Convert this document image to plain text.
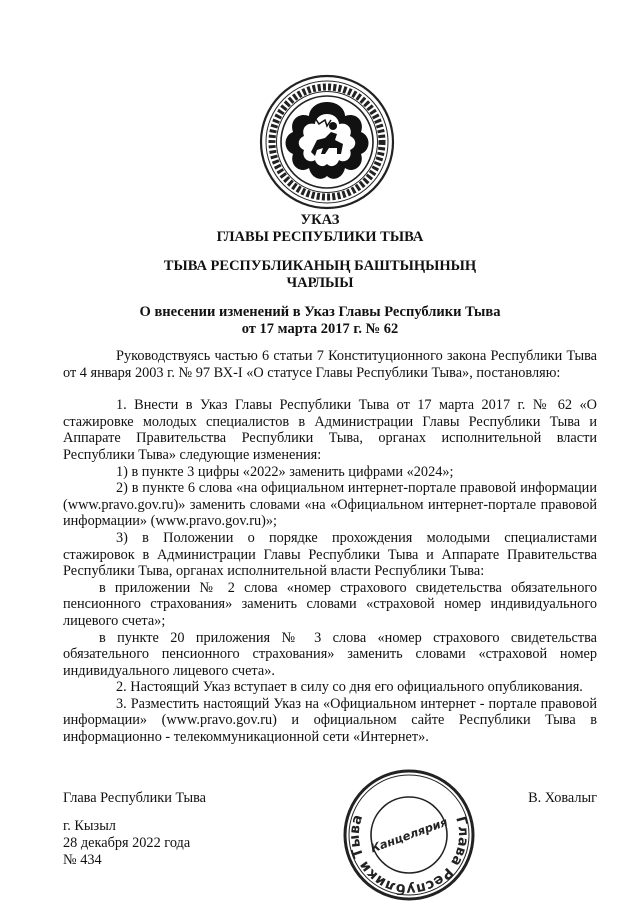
УКАЗ
ГЛАВЫ РЕСПУБЛИКИ ТЫВА
ТЫВА РЕСПУБЛИКАНЫҢ БАШТЫҢЫНЫҢ
ЧАРЛЫЫ
О внесении изменений в Указ Главы Республики Тыва
от 17 марта 2017 г. № 62

Руководствуясь частью 6 статьи 7 Конституционного закона Республики Тыва от 4 января 2003 г. № 97 ВХ-I «О статусе Главы Республики Тыва», постановляю:

1. Внести в Указ Главы Республики Тыва от 17 марта 2017 г. № 62 «О стажировке молодых специалистов в Администрации Главы Республики Тыва и Аппарате Правительства Республики Тыва, органах исполнительной власти Республики Тыва» следующие изменения:

1) в пункте 3 цифры «2022» заменить цифрами «2024»;

2) в пункте 6 слова «на официальном интернет-портале правовой информации (www.pravo.gov.ru)» заменить словами «на «Официальном интернет-портале правовой информации» (www.pravo.gov.ru)»;

3) в Положении о порядке прохождения молодыми специалистами стажировок в Администрации Главы Республики Тыва и Аппарате Правительства Республики Тыва, органах исполнительной власти Республики Тыва:

в приложении № 2 слова «номер страхового свидетельства обязательного пенсионного страхования» заменить словами «страховой номер индивидуального лицевого счета»;

в пункте 20 приложения № 3 слова «номер страхового свидетельства обязательного пенсионного страхования» заменить словами «страховой номер индивидуального лицевого счета».

2. Настоящий Указ вступает в силу со дня его официального опубликования.

3. Разместить настоящий Указ на «Официальном интернет - портале правовой информации» (www.pravo.gov.ru) и официальном сайте Республики Тыва в информационно - телекоммуникационной сети «Интернет».

Глава Республики Тыва	В. Ховалыг
г. Кызыл
28 декабря 2022 года
№ 434
Глава Республики Тыва Канцелярия
